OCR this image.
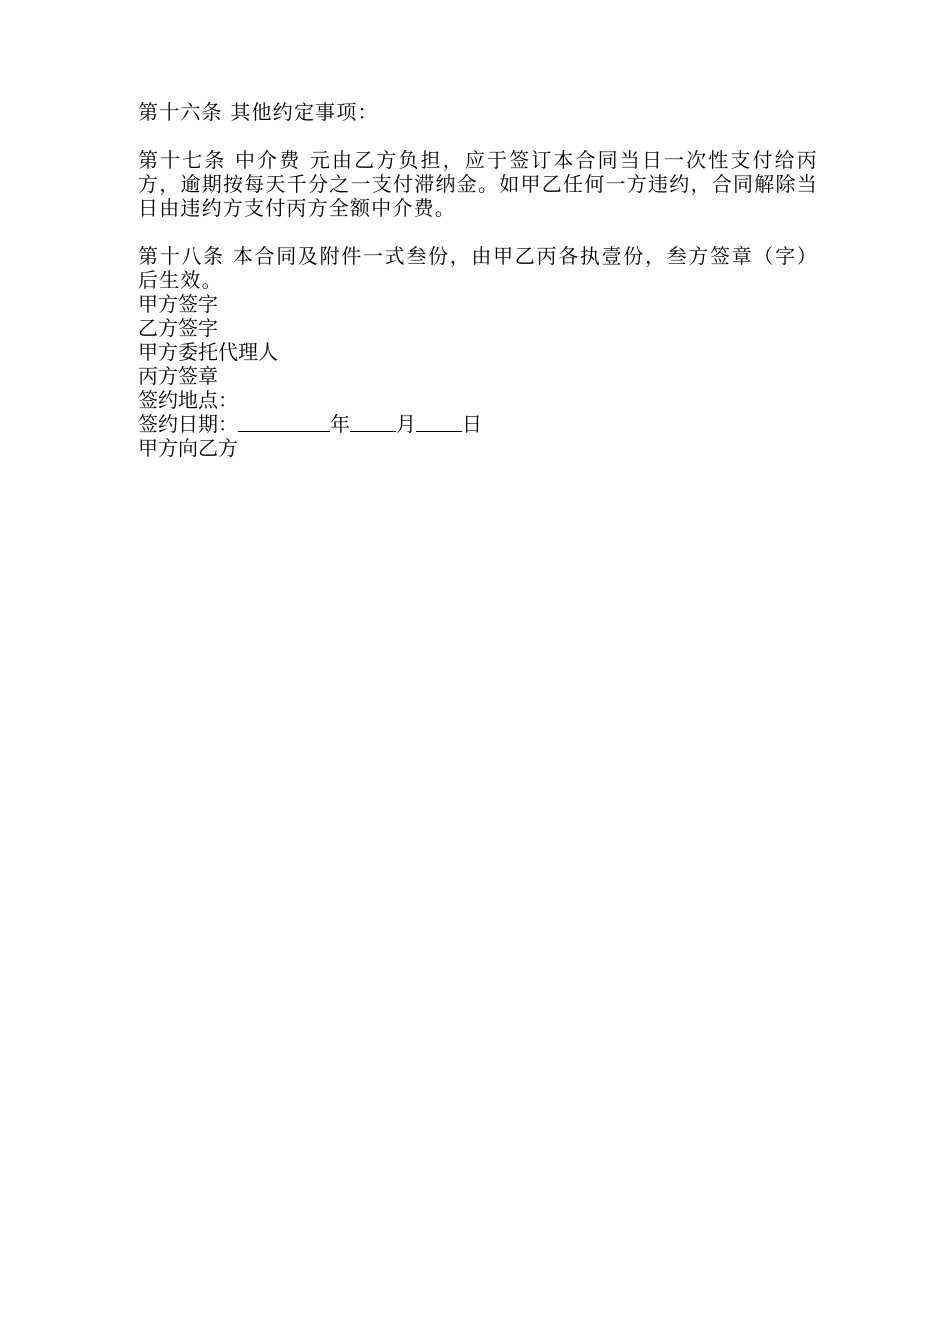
第十六条 其他约定事项：

第十七条 中介费 元由乙方负担，应于签订本合同当日一次性支付给丙方，逾期按每天千分之一支付滞纳金。如甲乙任何一方违约，合同解除当日由违约方支付丙方全额中介费。

第十八条 本合同及附件一式叁份，由甲乙丙各执壹份，叁方签章（字）后生效。

甲方签字

乙方签字

甲方委托代理人

丙方签章

签约地点：

签约日期：	年 月 日

甲方向乙方
